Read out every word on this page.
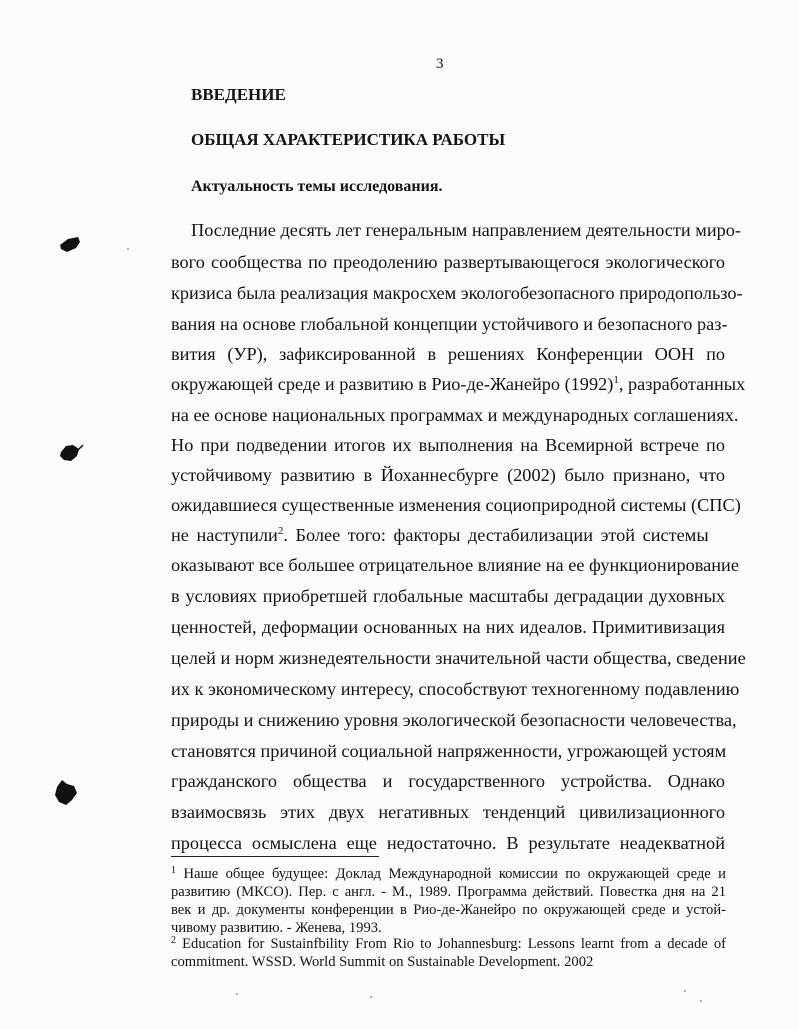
3
ВВЕДЕНИЕ
ОБЩАЯ ХАРАКТЕРИСТИКА РАБОТЫ
Актуальность темы исследования.
Последние десять лет генеральным направлением деятельности миро-
вого сообщества по преодолению развертывающегося экологического
кризиса была реализация макросхем экологобезопасного природопользо-
вания на основе глобальной концепции устойчивого и безопасного раз-
вития (УР), зафиксированной в решениях Конференции ООН по
окружающей среде и развитию в Рио-де-Жанейро $(1992)^1$, разработанных
на ее основе национальных программах и международных соглашениях.
Но при подведении итогов их выполнения на Всемирной встрече по
устойчивому развитию в Йоханнесбурге (2002) было признано, что
ожидавшиеся существенные изменения социоприродной системы (СПС)
не наступили$^2$. Более того: факторы дестабилизации этой системы
оказывают все большее отрицательное влияние на ее функционирование
в условиях приобретшей глобальные масштабы деградации духовных
ценностей, деформации основанных на них идеалов. Примитивизация
целей и норм жизнедеятельности значительной части общества, сведение
их к экономическому интересу, способствуют техногенному подавлению
природы и снижению уровня экологической безопасности человечества,
становятся причиной социальной напряженности, угрожающей устоям
гражданского общества и государственного устройства. Однако
взаимосвязь этих двух негативных тенденций цивилизационного
процесса осмыслена еще недостаточно. В результате неадекватной
$^1$ Наше общее будущее: Доклад Международной комиссии по окружающей среде и
развитию (МКСО). Пер. с англ. - М., 1989. Программа действий. Повестка дня на 21
век и др. документы конференции в Рио-де-Жанейро по окружающей среде и устой-
чивому развитию. - Женева, 1993.
$^2$ Education for Sustainfbility From Rio to Johannesburg: Lessons learnt from a decade of
commitment. WSSD. World Summit on Sustainable Development. 2002
